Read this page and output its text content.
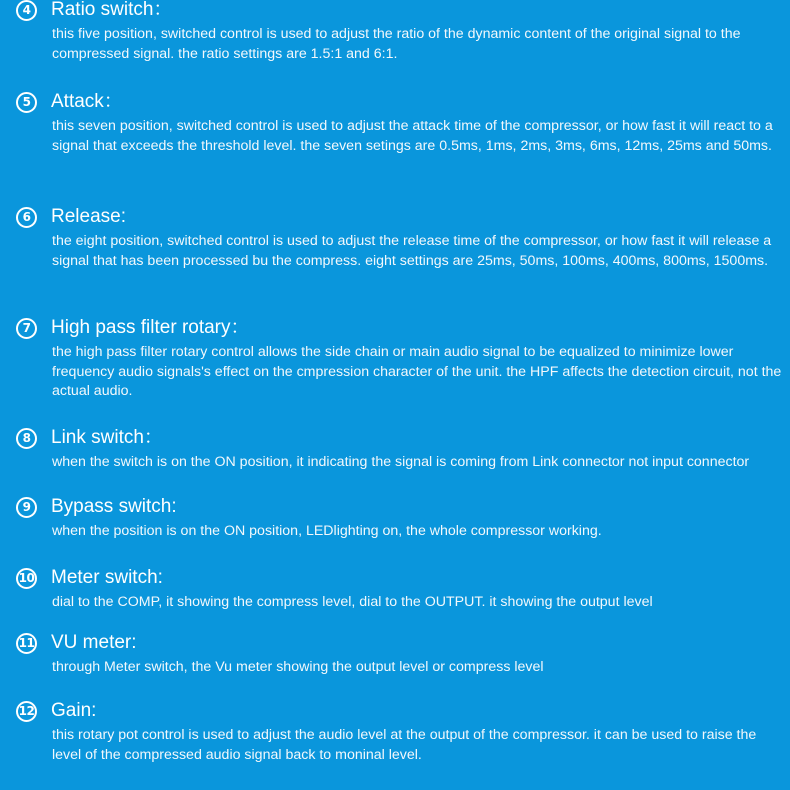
4	Ratio switch：
this five position, switched control is used to adjust the ratio of the dynamic content of the original signal to the compressed signal. the ratio settings are 1.5:1 and 6:1.
5	Attack：
this seven position, switched control is used to adjust the attack time of the compressor, or how fast it will react to a signal that exceeds the threshold level. the seven setings are 0.5ms, 1ms, 2ms, 3ms, 6ms, 12ms, 25ms and 50ms.
6	Release:
the eight position, switched control is used to adjust the release time of the compressor, or how fast it will release a signal that has been processed bu the compress. eight settings are 25ms, 50ms, 100ms, 400ms, 800ms, 1500ms.
7	High pass filter rotary：
the high pass filter rotary control allows the side chain or main audio signal to be equalized to minimize lower frequency audio signals's effect on the cmpression character of the unit. the HPF affects the detection circuit, not the actual audio.
8	Link switch：
when the switch is on the ON position, it indicating the signal is coming from Link connector not input connector
9	Bypass switch:
when the position is on the ON position, LEDlighting on, the whole compressor working.
10 Meter switch:
dial to the COMP, it showing the compress level, dial to the OUTPUT. it showing the output level
11 VU meter:
through Meter switch, the Vu meter showing the output level or compress level
12 Gain:
this rotary pot control is used to adjust the audio level at the output of the compressor. it can be used to raise the level of the compressed audio signal back to moninal level.
